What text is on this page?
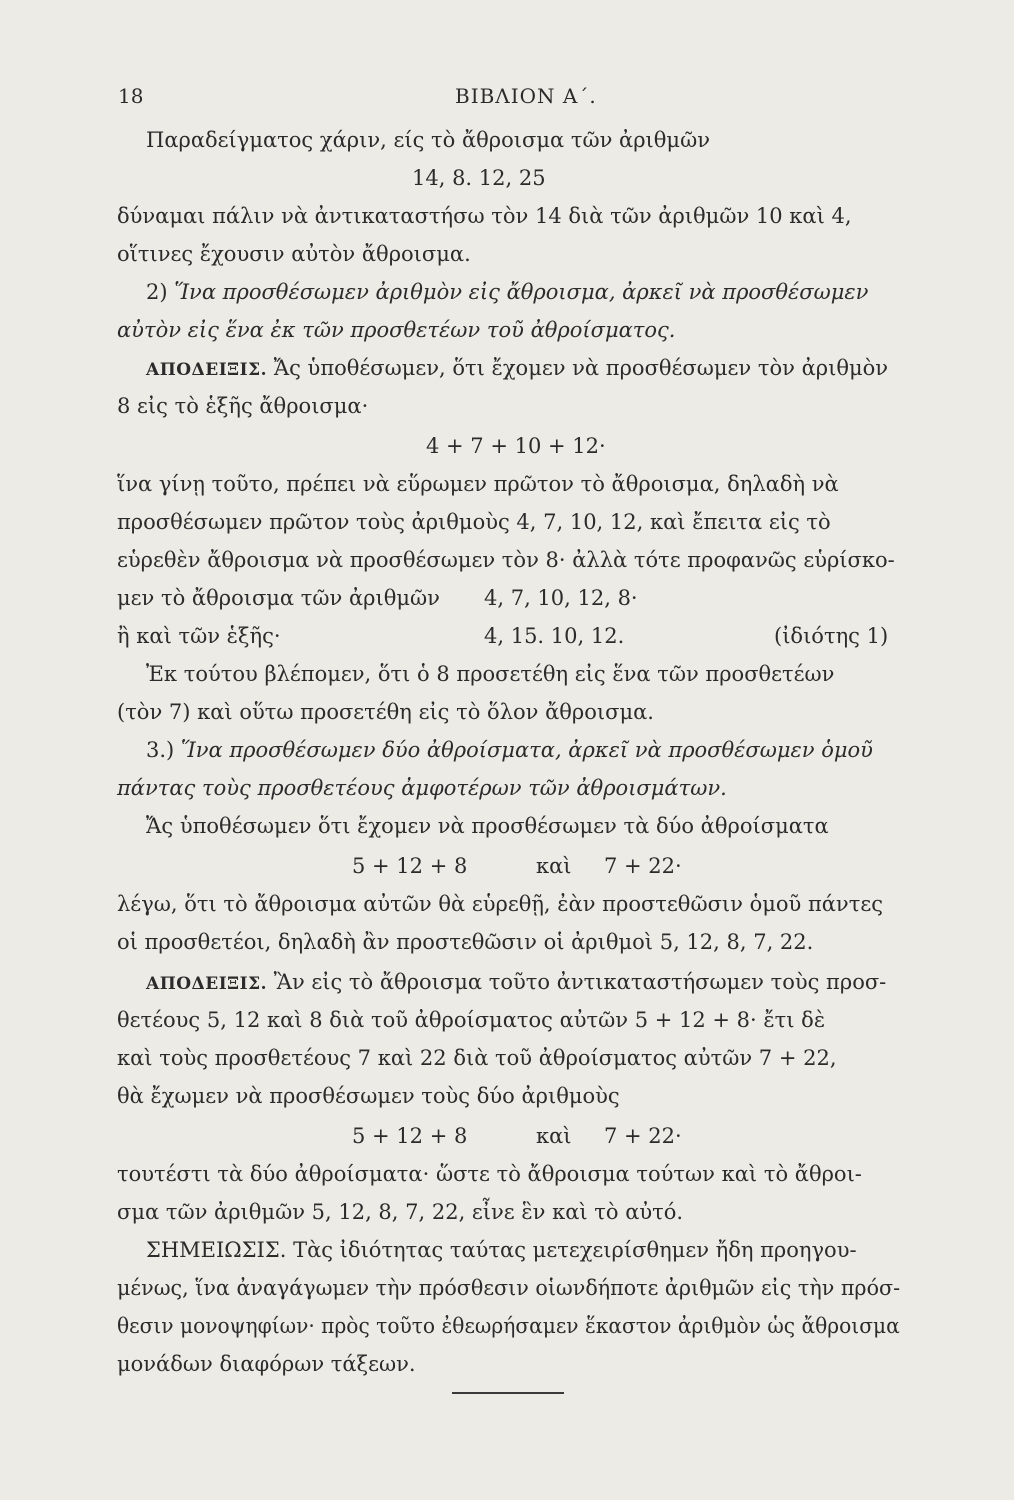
18	ΒΙΒΛΙΟΝ Α΄.
Παραδείγματος χάριν, είς τὸ ἄθροισμα τῶν ἀριθμῶν
14, 8. 12, 25
δύναμαι πάλιν νὰ ἀντικαταστήσω τὸν 14 διὰ τῶν ἀριθμῶν 10 καὶ 4,
οἵτινες ἔχουσιν αὐτὸν ἄθροισμα.
2) Ἵνα προσθέσωμεν ἀριθμὸν εἰς ἄθροισμα, ἀρκεῖ νὰ προσθέσωμεν
αὐτὸν εἰς ἕνα ἐκ τῶν προσθετέων τοῦ ἀθροίσματος.
ΑΠΟΔΕΙΞΙΣ. Ἄς ὑποθέσωμεν, ὅτι ἔχομεν νὰ προσθέσωμεν τὸν ἀριθμὸν
8 εἰς τὸ ἑξῆς ἄθροισμα·
4 + 7 + 10 + 12·
ἵνα γίνῃ τοῦτο, πρέπει νὰ εὕρωμεν πρῶτον τὸ ἄθροισμα, δηλαδὴ νὰ
προσθέσωμεν πρῶτον τοὺς ἀριθμοὺς 4, 7, 10, 12, καὶ ἔπειτα εἰς τὸ
εὑρεθὲν ἄθροισμα νὰ προσθέσωμεν τὸν 8· ἀλλὰ τότε προφανῶς εὑρίσκο-
μεν τὸ ἄθροισμα τῶν ἀριθμῶν 4, 7, 10, 12, 8·
ἢ καὶ τῶν ἑξῆς·	4, 15. 10, 12.	(ἰδιότης 1)
Ἐκ τούτου βλέπομεν, ὅτι ὁ 8 προσετέθη εἰς ἕνα τῶν προσθετέων
(τὸν 7) καὶ οὕτω προσετέθη εἰς τὸ ὅλον ἄθροισμα.
3.) Ἵνα προσθέσωμεν δύο ἀθροίσματα, ἀρκεῖ νὰ προσθέσωμεν ὁμοῦ
πάντας τοὺς προσθετέους ἀμφοτέρων τῶν ἀθροισμάτων.
Ἄς ὑποθέσωμεν ὅτι ἔχομεν νὰ προσθέσωμεν τὰ δύο ἀθροίσματα
5 + 12 + 8	καὶ 7 + 22·
λέγω, ὅτι τὸ ἄθροισμα αὐτῶν θὰ εὑρεθῇ, ἐὰν προστεθῶσιν ὁμοῦ πάντες
οἱ προσθετέοι, δηλαδὴ ἂν προστεθῶσιν οἱ ἀριθμοὶ 5, 12, 8, 7, 22.
ΑΠΟΔΕΙΞΙΣ. Ἂν εἰς τὸ ἄθροισμα τοῦτο ἀντικαταστήσωμεν τοὺς προσ-
θετέους 5, 12 καὶ 8 διὰ τοῦ ἀθροίσματος αὐτῶν 5 + 12 + 8· ἔτι δὲ
καὶ τοὺς προσθετέους 7 καὶ 22 διὰ τοῦ ἀθροίσματος αὐτῶν 7 + 22,
θὰ ἔχωμεν νὰ προσθέσωμεν τοὺς δύο ἀριθμοὺς
5 + 12 + 8	καὶ 7 + 22·
τουτέστι τὰ δύο ἀθροίσματα· ὥστε τὸ ἄθροισμα τούτων καὶ τὸ ἄθροι-
σμα τῶν ἀριθμῶν 5, 12, 8, 7, 22, εἶνε ἓν καὶ τὸ αὐτό.
ΣΗΜΕΙΩΣΙΣ. Τὰς ἰδιότητας ταύτας μετεχειρίσθημεν ἤδη προηγου-
μένως, ἵνα ἀναγάγωμεν τὴν πρόσθεσιν οἱωνδήποτε ἀριθμῶν εἰς τὴν πρόσ-
θεσιν μονοψηφίων· πρὸς τοῦτο ἐθεωρήσαμεν ἕκαστον ἀριθμὸν ὡς ἄθροισμα
μονάδων διαφόρων τάξεων.
